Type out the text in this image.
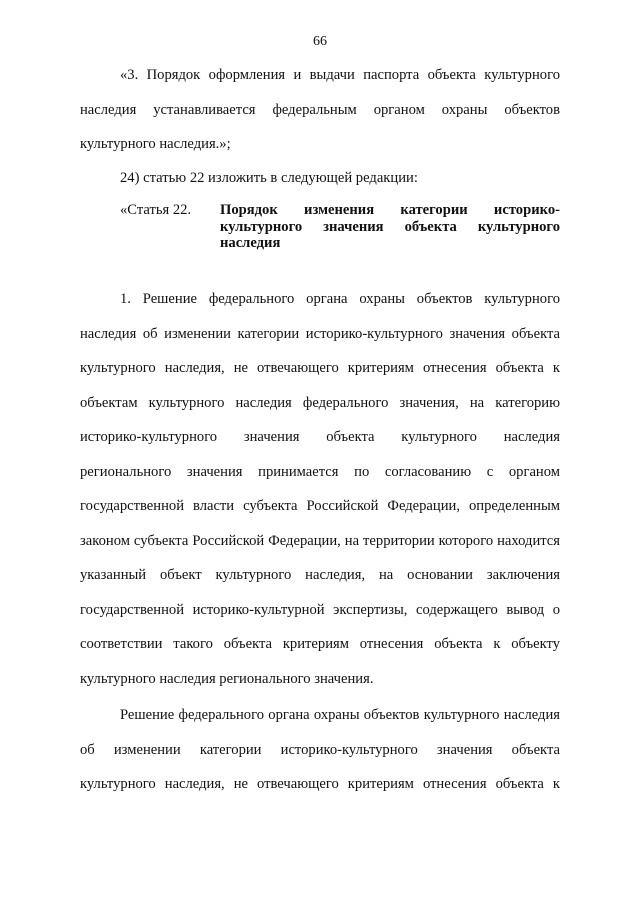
66

«3. Порядок оформления и выдачи паспорта объекта культурного наследия устанавливается федеральным органом охраны объектов культурного наследия.»;

24) статью 22 изложить в следующей редакции:

«Статья 22. Порядок изменения категории историко-культурного значения объекта культурного наследия

1. Решение федерального органа охраны объектов культурного наследия об изменении категории историко-культурного значения объекта культурного наследия, не отвечающего критериям отнесения объекта к объектам культурного наследия федерального значения, на категорию историко-культурного значения объекта культурного наследия регионального значения принимается по согласованию с органом государственной власти субъекта Российской Федерации, определенным законом субъекта Российской Федерации, на территории которого находится указанный объект культурного наследия, на основании заключения государственной историко-культурной экспертизы, содержащего вывод о соответствии такого объекта критериям отнесения объекта к объекту культурного наследия регионального значения.

Решение федерального органа охраны объектов культурного наследия об изменении категории историко-культурного значения объекта культурного наследия, не отвечающего критериям отнесения объекта к
